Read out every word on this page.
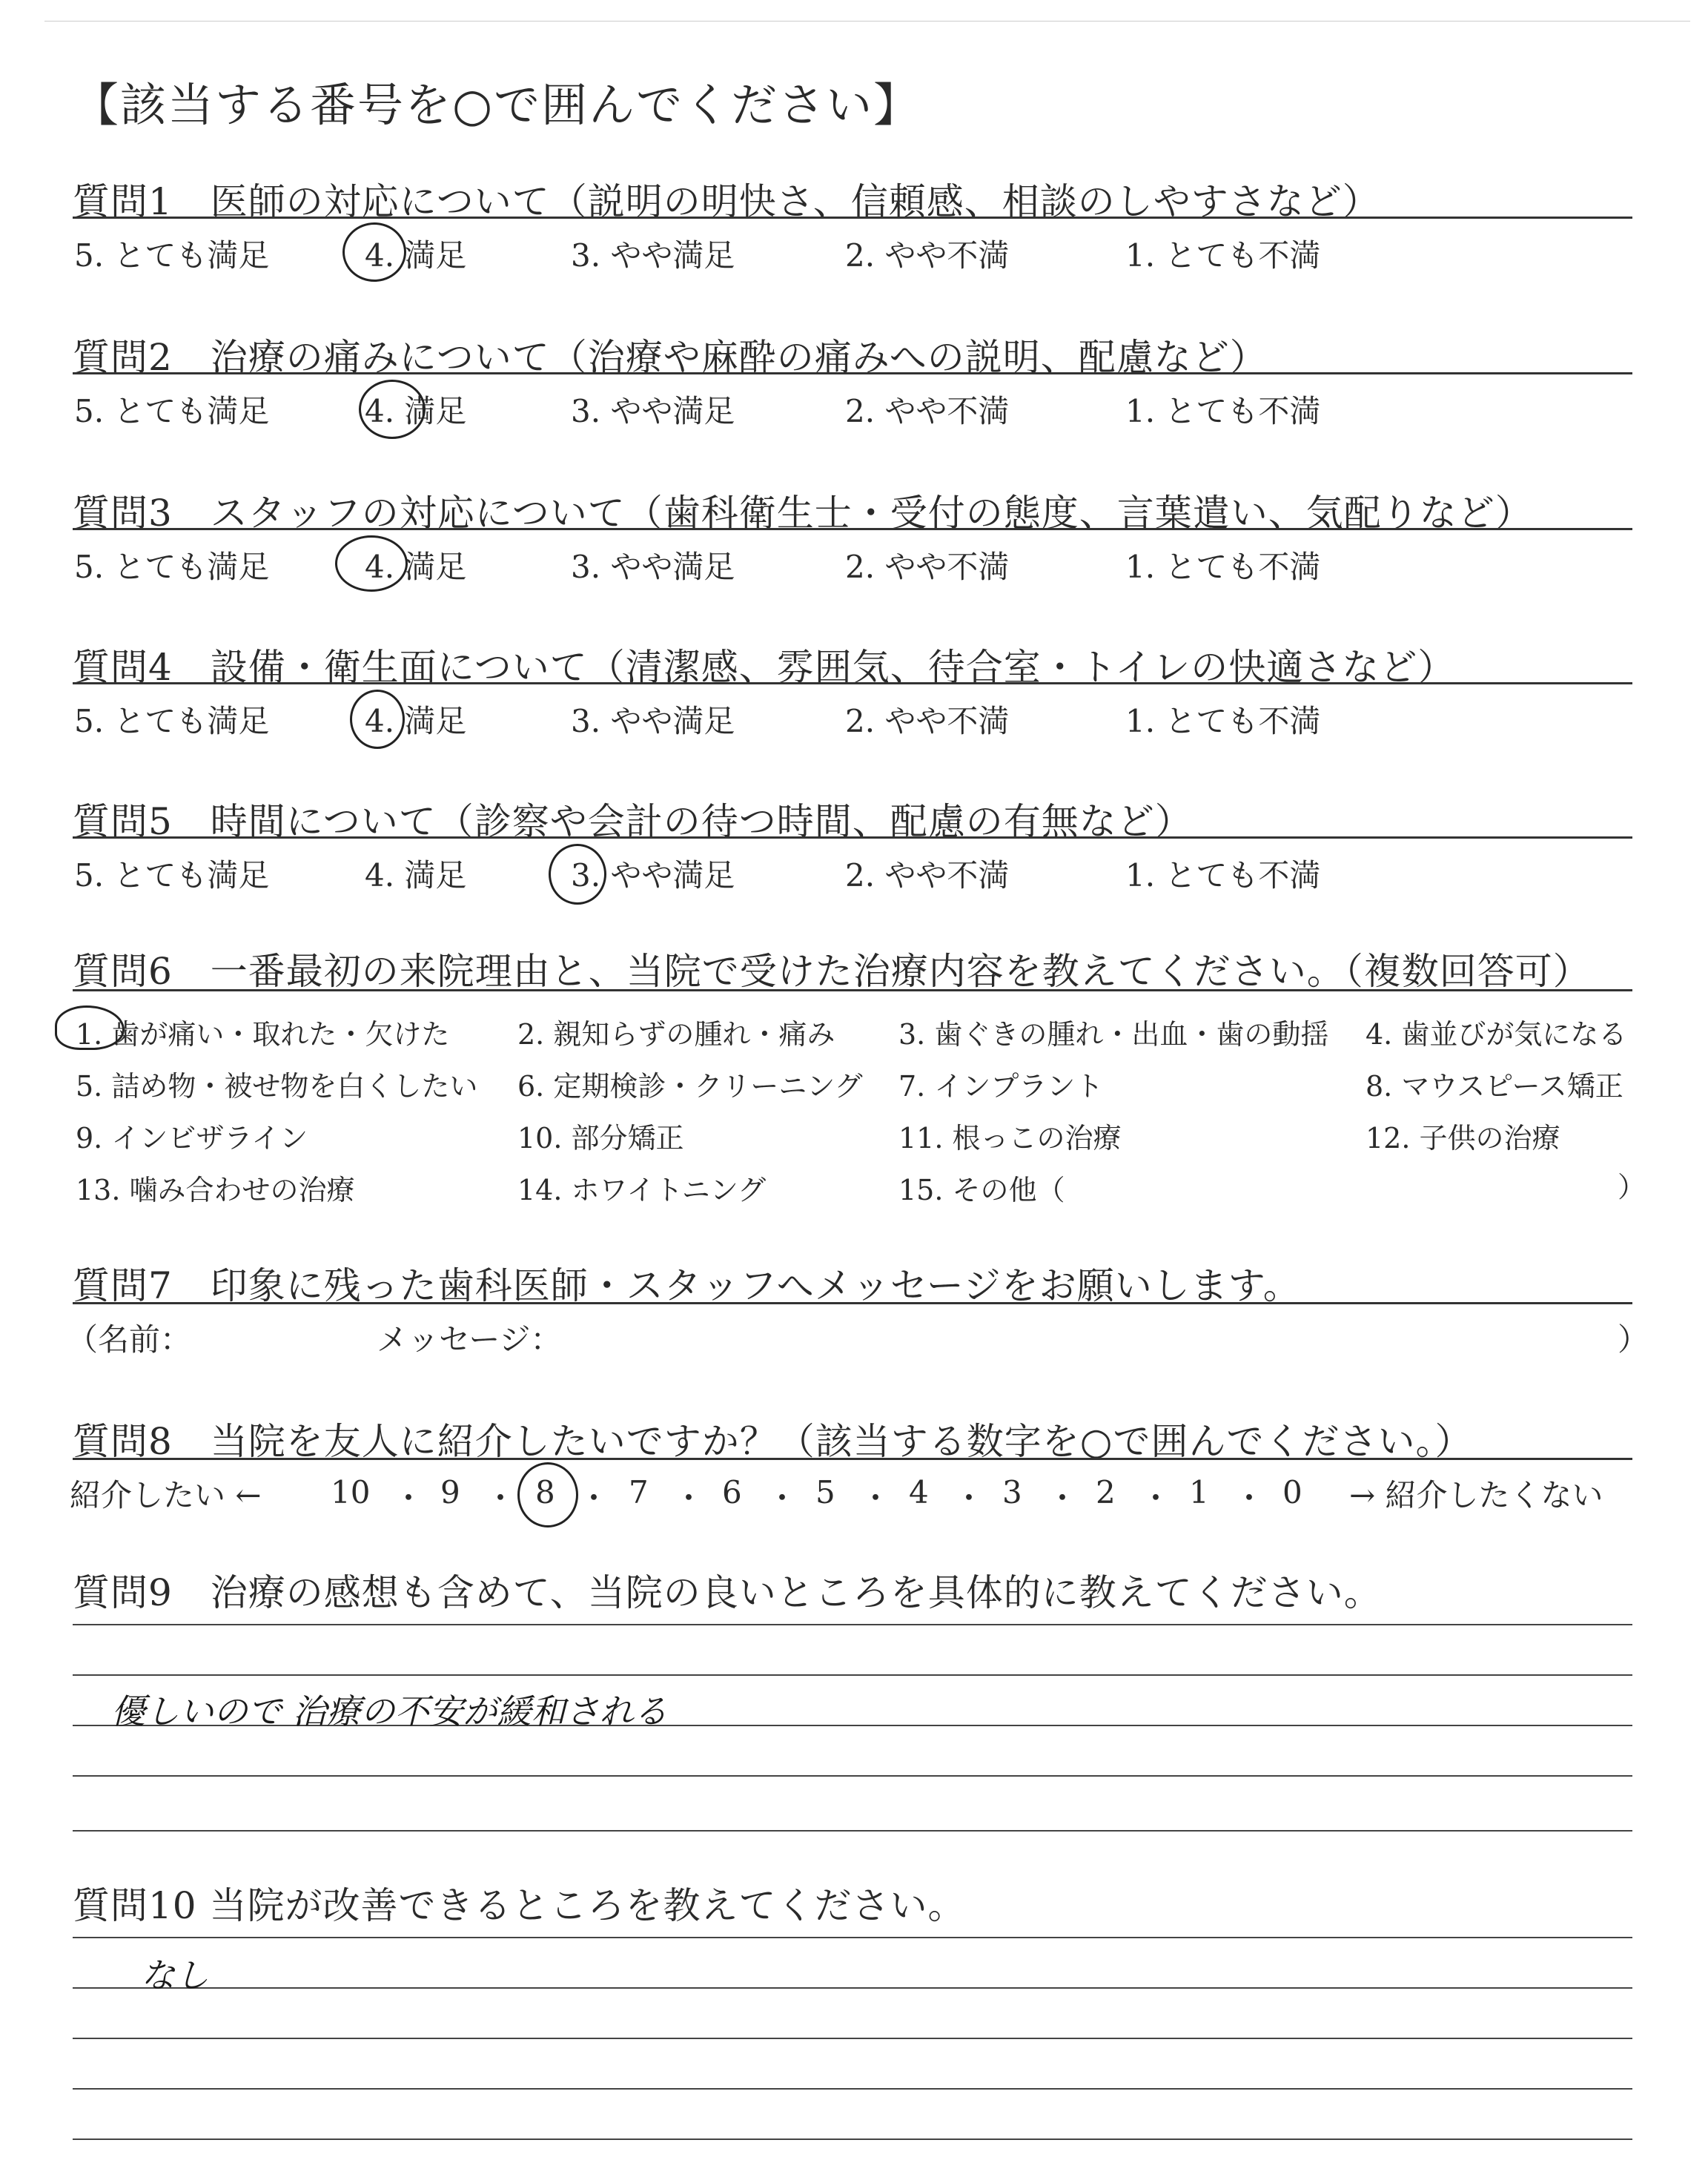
【該当する番号を○で囲んでください】
質問1　医師の対応について（説明の明快さ、信頼感、相談のしやすさなど）
5. とても満足	4. 満足	3. やや満足	2. やや不満	1. とても不満
質問2　治療の痛みについて（治療や麻酔の痛みへの説明、配慮など）
5. とても満足	4. 満足	3. やや満足	2. やや不満	1. とても不満
質問3　スタッフの対応について（歯科衛生士・受付の態度、言葉遣い、気配りなど）
5. とても満足	4. 満足	3. やや満足	2. やや不満	1. とても不満
質問4　設備・衛生面について（清潔感、雰囲気、待合室・トイレの快適さなど）
5. とても満足	4. 満足	3. やや満足	2. やや不満	1. とても不満
質問5　時間について（診察や会計の待つ時間、配慮の有無など）
5. とても満足	4. 満足	3. やや満足	2. やや不満	1. とても不満
質問6　一番最初の来院理由と、当院で受けた治療内容を教えてください。（複数回答可）
1. 歯が痛い・取れた・欠けた 2. 親知らずの腫れ・痛み 3. 歯ぐきの腫れ・出血・歯の動揺 4. 歯並びが気になる
5. 詰め物・被せ物を白くしたい 6. 定期検診・クリーニング 7. インプラント	8. マウスピース矯正
9. インビザライン	10. 部分矯正	11. 根っこの治療	12. 子供の治療
13. 噛み合わせの治療	14. ホワイトニング	15. その他（	）
質問7　印象に残った歯科医師・スタッフへメッセージをお願いします。
（名前：	メッセージ：	）
質問8　当院を友人に紹介したいですか？（該当する数字を○で囲んでください。）
紹介したい ←	→ 紹介したくない
10 ・ 9 ・ 8 ・ 7 ・ 6 ・ 5 ・ 4 ・ 3 ・ 2 ・ 1 ・ 0
質問9　治療の感想も含めて、当院の良いところを具体的に教えてください。
優しいので 治療の不安が緩和される
質問10 当院が改善できるところを教えてください。
なし
